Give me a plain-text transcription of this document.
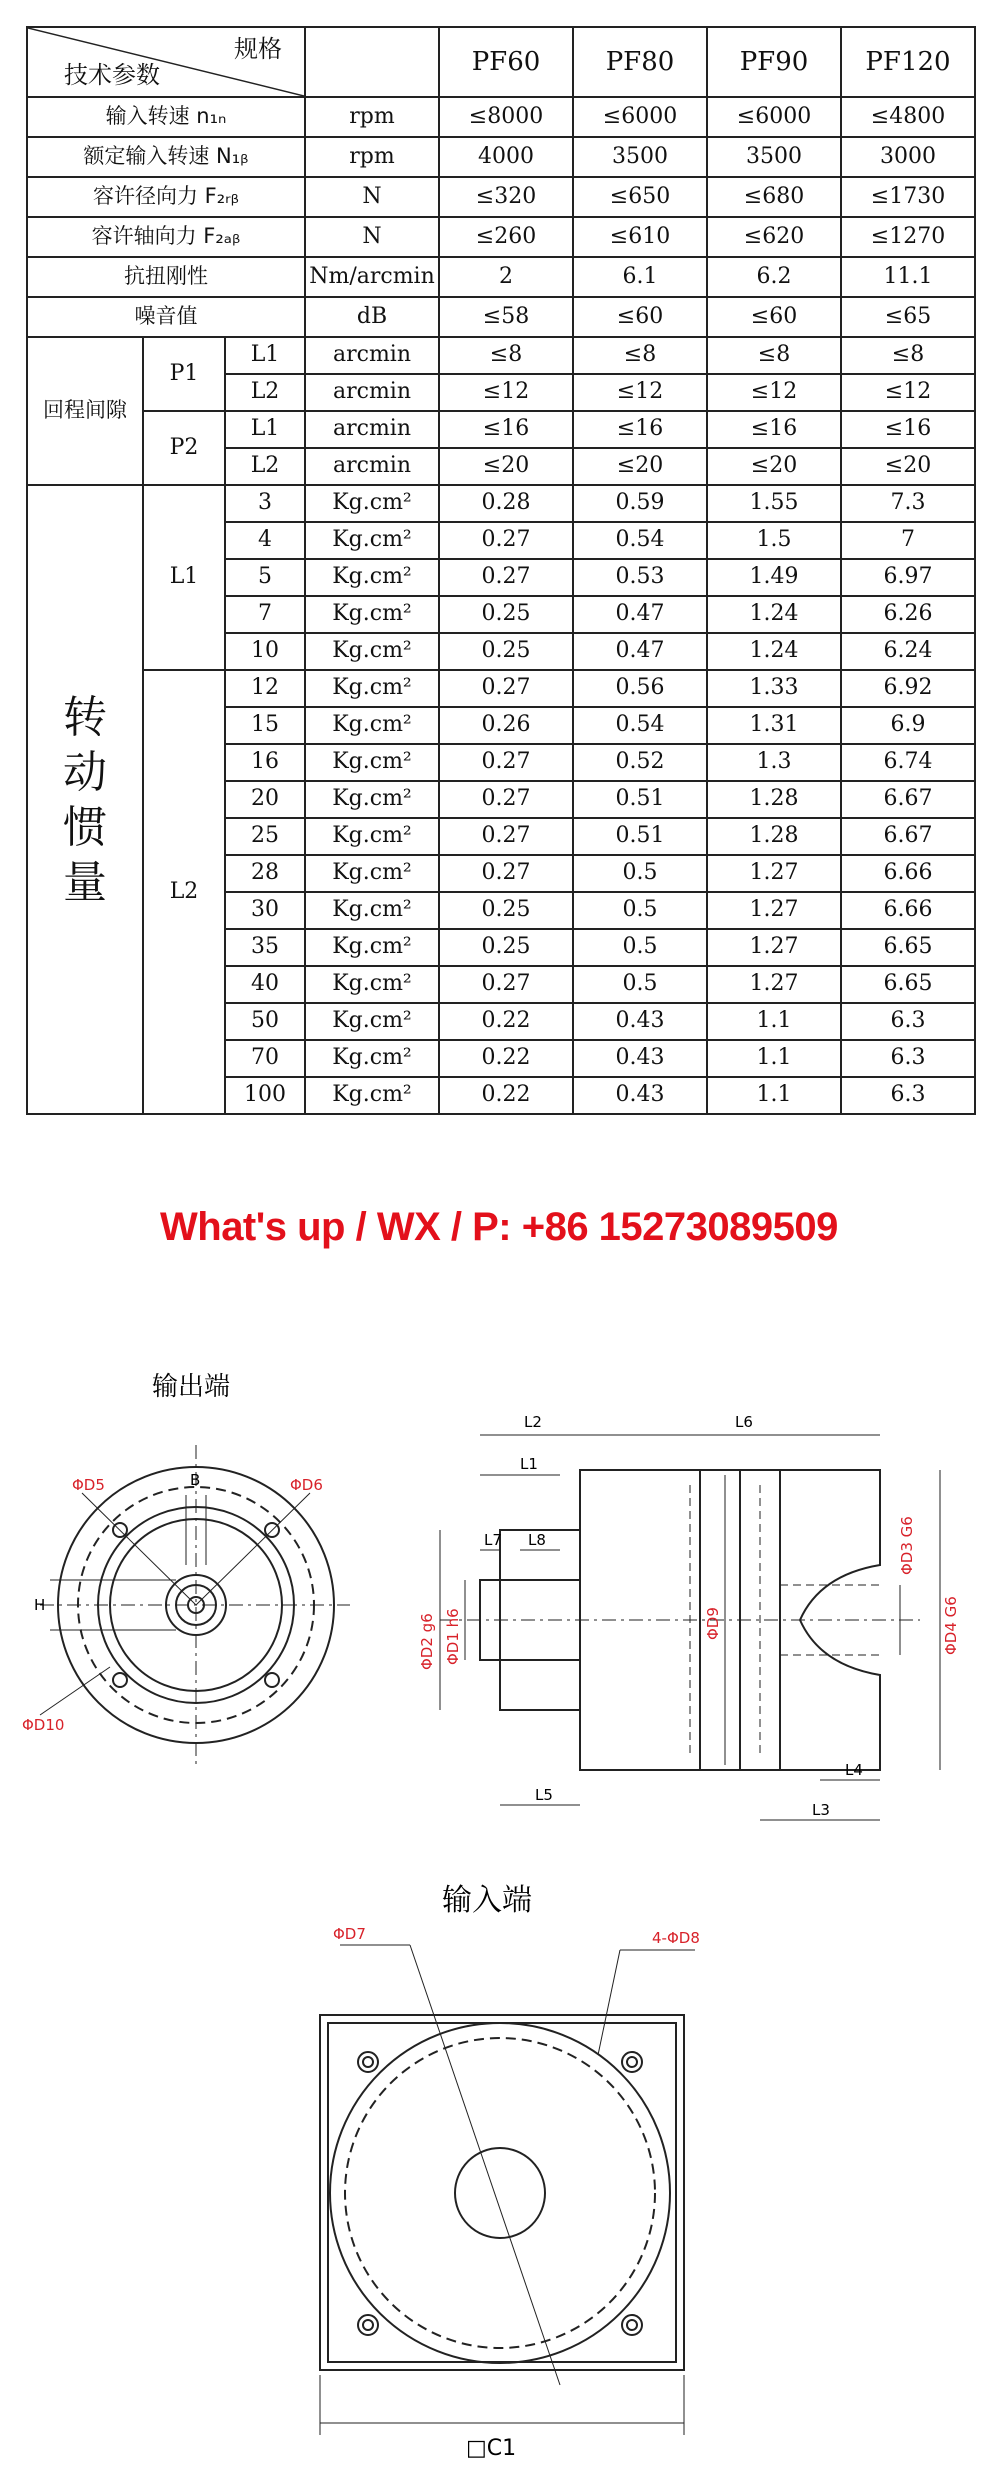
规格
技术参数				PF60	PF80	PF90	PF120
输入转速 n₁ₙ			rpm	≤8000	≤6000	≤6000	≤4800
额定输入转速 N₁ᵦ			rpm	4000	3500	3500	3000
容许径向力 F₂ᵣᵦ			N	≤320	≤650	≤680	≤1730
容许轴向力 F₂ₐᵦ			N	≤260	≤610	≤620	≤1270
抗扭刚性			Nm/arcmin	2	6.1	6.2	11.1
噪音值			dB	≤58	≤60	≤60	≤65
回程间隙	P1	L1	arcmin	≤8	≤8	≤8	≤8
		L2	arcmin	≤12	≤12	≤12	≤12
	P2	L1	arcmin	≤16	≤16	≤16	≤16
		L2	arcmin	≤20	≤20	≤20	≤20
转动惯量	L1	3	Kg.cm²	0.28	0.59	1.55	7.3
		4	Kg.cm²	0.27	0.54	1.5	7
		5	Kg.cm²	0.27	0.53	1.49	6.97
		7	Kg.cm²	0.25	0.47	1.24	6.26
		10	Kg.cm²	0.25	0.47	1.24	6.24
	L2	12	Kg.cm²	0.27	0.56	1.33	6.92
		15	Kg.cm²	0.26	0.54	1.31	6.9
		16	Kg.cm²	0.27	0.52	1.3	6.74
		20	Kg.cm²	0.27	0.51	1.28	6.67
		25	Kg.cm²	0.27	0.51	1.28	6.67
		28	Kg.cm²	0.27	0.5	1.27	6.66
		30	Kg.cm²	0.25	0.5	1.27	6.66
		35	Kg.cm²	0.25	0.5	1.27	6.65
		40	Kg.cm²	0.27	0.5	1.27	6.65
		50	Kg.cm²	0.22	0.43	1.1	6.3
		70	Kg.cm²	0.22	0.43	1.1	6.3
		100	Kg.cm²	0.22	0.43	1.1	6.3
What's up / WX / P: +86 15273089509
输出端
ΦD5	ΦD6
ΦD10
B
H
L2	L6
L1
L7 L8
ΦD2 g6 ΦD1 h6	ΦD9
ΦD3 G6
ΦD4 G6
L5
L4
L3
输入端
ΦD7	4-ΦD8
□C1
